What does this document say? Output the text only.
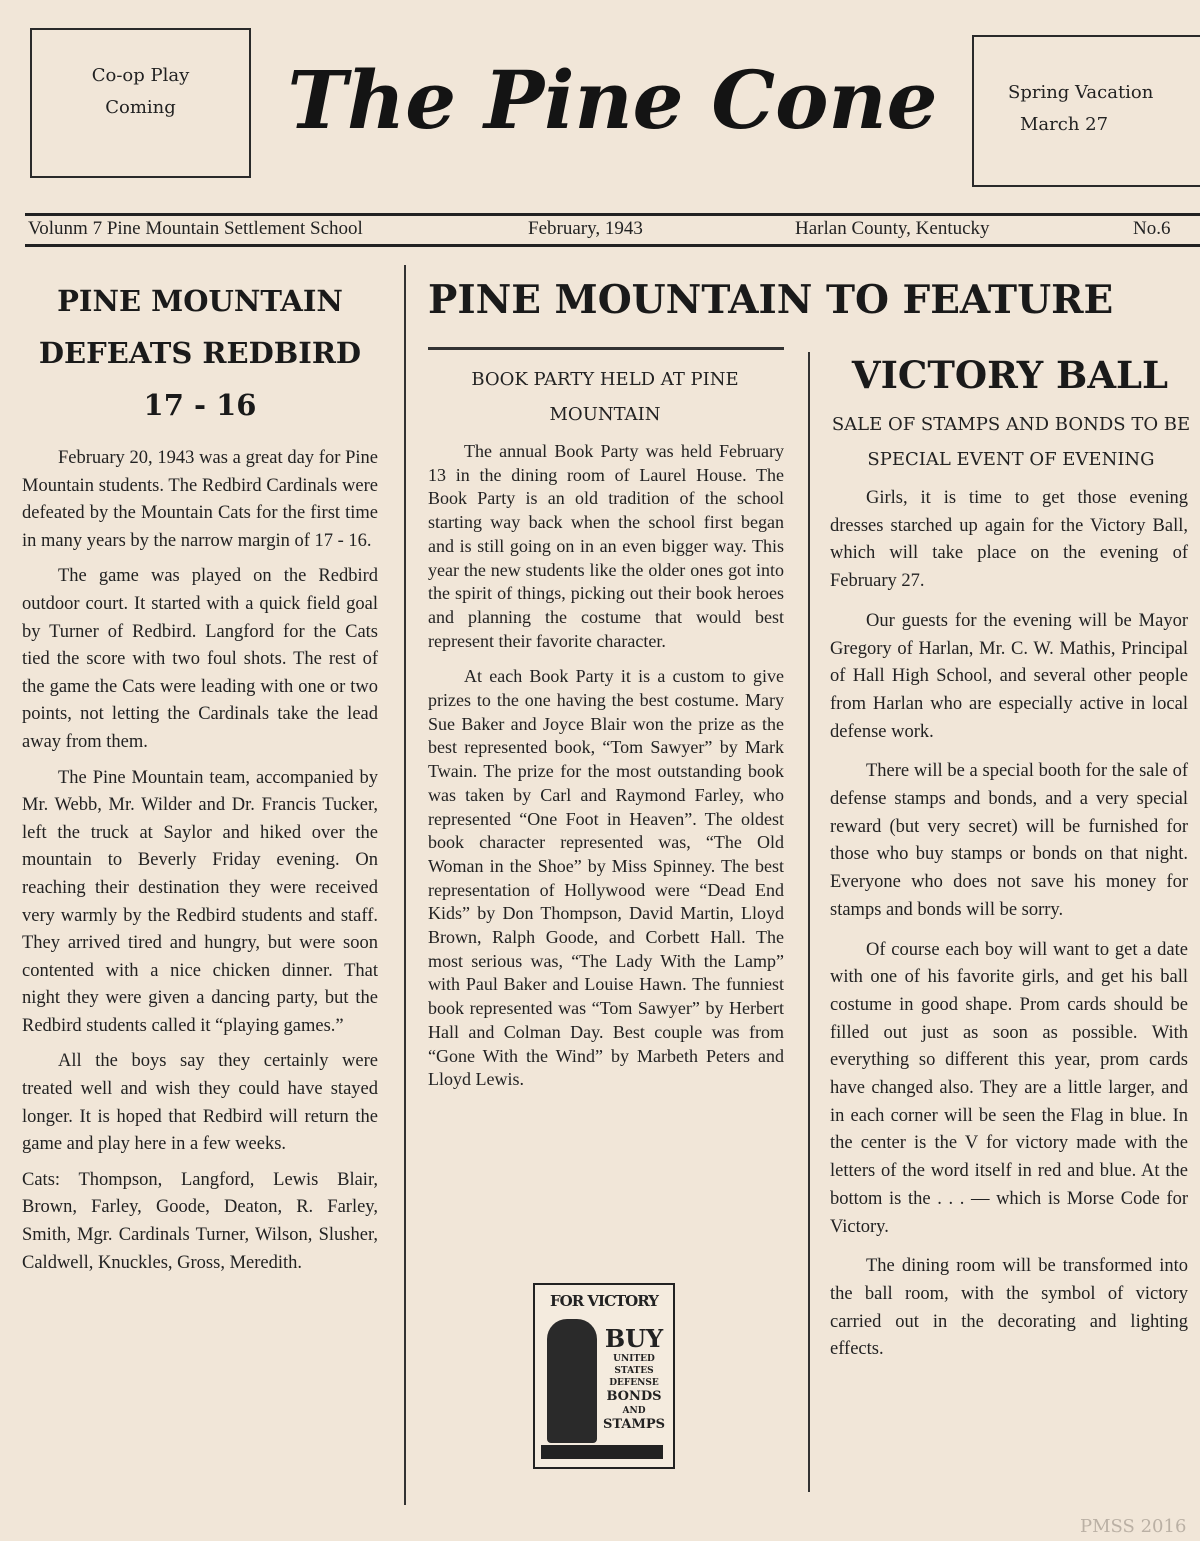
Co-op Play
Coming	The Pine Cone	Spring Vacation
March 27
Volunm 7 Pine Mountain Settlement School	February, 1943	Harlan County, Kentucky	No.6
PINE MOUNTAIN
DEFEATS REDBIRD
17 - 16

February 20, 1943 was a great day for Pine Mountain students. The Redbird Cardinals were defeated by the Mountain Cats for the first time in many years by the narrow margin of 17 - 16.

The game was played on the Redbird outdoor court. It started with a quick field goal by Turner of Redbird. Langford for the Cats tied the score with two foul shots. The rest of the game the Cats were leading with one or two points, not letting the Cardinals take the lead away from them.

The Pine Mountain team, accompanied by Mr. Webb, Mr. Wilder and Dr. Francis Tucker, left the truck at Saylor and hiked over the mountain to Beverly Friday evening. On reaching their destination they were received very warmly by the Redbird students and staff. They arrived tired and hungry, but were soon contented with a nice chicken dinner. That night they were given a dancing party, but the Redbird students called it “playing games.”

All the boys say they certainly were treated well and wish they could have stayed longer. It is hoped that Redbird will return the game and play here in a few weeks.

Cats: Thompson, Langford, Lewis Blair, Brown, Farley, Goode, Deaton, R. Farley, Smith, Mgr. Cardinals Turner, Wilson, Slusher, Caldwell, Knuckles, Gross, Meredith.

PINE MOUNTAIN TO FEATURE
BOOK PARTY HELD AT PINE MOUNTAIN

The annual Book Party was held February 13 in the dining room of Laurel House. The Book Party is an old tradition of the school starting way back when the school first began and is still going on in an even bigger way. This year the new students like the older ones got into the spirit of things, picking out their book heroes and planning the costume that would best represent their favorite character.

At each Book Party it is a custom to give prizes to the one having the best costume. Mary Sue Baker and Joyce Blair won the prize as the best represented book, “Tom Sawyer” by Mark Twain. The prize for the most outstanding book was taken by Carl and Raymond Farley, who represented “One Foot in Heaven”. The oldest book character represented was, “The Old Woman in the Shoe” by Miss Spinney. The best representation of Hollywood were “Dead End Kids” by Don Thompson, David Martin, Lloyd Brown, Ralph Goode, and Corbett Hall. The most serious was, “The Lady With the Lamp” with Paul Baker and Louise Hawn. The funniest book represented was “Tom Sawyer” by Herbert Hall and Colman Day. Best couple was from “Gone With the Wind” by Marbeth Peters and Lloyd Lewis.

FOR VICTORY
BUY
UNITED
STATES
DEFENSE
BONDS
AND
STAMPS
VICTORY BALL
SALE OF STAMPS AND BONDS TO BE SPECIAL EVENT OF EVENING

Girls, it is time to get those evening dresses starched up again for the Victory Ball, which will take place on the evening of February 27.

Our guests for the evening will be Mayor Gregory of Harlan, Mr. C. W. Mathis, Principal of Hall High School, and several other people from Harlan who are especially active in local defense work.

There will be a special booth for the sale of defense stamps and bonds, and a very special reward (but very secret) will be furnished for those who buy stamps or bonds on that night. Everyone who does not save his money for stamps and bonds will be sorry.

Of course each boy will want to get a date with one of his favorite girls, and get his ball costume in good shape. Prom cards should be filled out just as soon as possible. With everything so different this year, prom cards have changed also. They are a little larger, and in each corner will be seen the Flag in blue. In the center is the V for victory made with the letters of the word itself in red and blue. At the bottom is the . . . — which is Morse Code for Victory.

The dining room will be transformed into the ball room, with the symbol of victory carried out in the decorating and lighting effects.

PMSS 2016
